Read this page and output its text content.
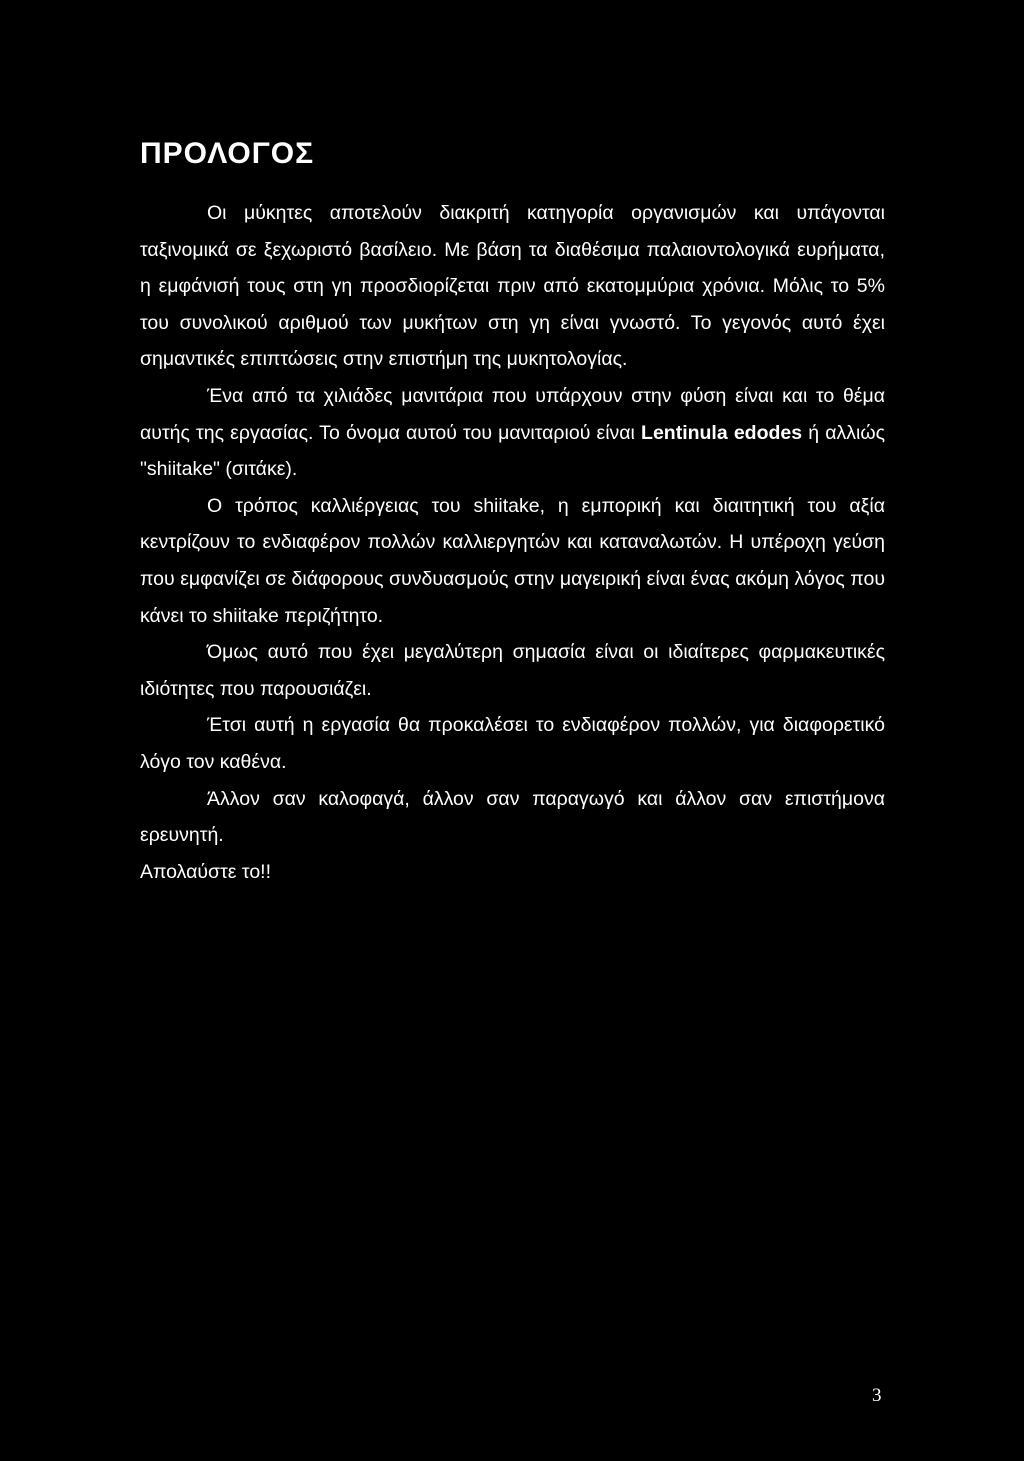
ΠΡΟΛΟΓΟΣ

Οι μύκητες αποτελούν διακριτή κατηγορία οργανισμών και υπάγονται ταξινομικά σε ξεχωριστό βασίλειο. Με βάση τα διαθέσιμα παλαιοντολογικά ευρήματα, η εμφάνισή τους στη γη προσδιορίζεται πριν από εκατομμύρια χρόνια. Μόλις το 5% του συνολικού αριθμού των μυκήτων στη γη είναι γνωστό. Το γεγονός αυτό έχει σημαντικές επιπτώσεις στην επιστήμη της μυκητολογίας.

Ένα από τα χιλιάδες μανιτάρια που υπάρχουν στην φύση είναι και το θέμα αυτής της εργασίας. Το όνομα αυτού του μανιταριού είναι Lentinula edodes ή αλλιώς "shiitake" (σιτάκε).

Ο τρόπος καλλιέργειας του shiitake, η εμπορική και διαιτητική του αξία κεντρίζουν το ενδιαφέρον πολλών καλλιεργητών και καταναλωτών. Η υπέροχη γεύση που εμφανίζει σε διάφορους συνδυασμούς στην μαγειρική είναι ένας ακόμη λόγος που κάνει το shiitake περιζήτητο.

Όμως αυτό που έχει μεγαλύτερη σημασία είναι οι ιδιαίτερες φαρμακευτικές ιδιότητες που παρουσιάζει.

Έτσι αυτή η εργασία θα προκαλέσει το ενδιαφέρον πολλών, για διαφορετικό λόγο τον καθένα.

Άλλον σαν καλοφαγά, άλλον σαν παραγωγό και άλλον σαν επιστήμονα ερευνητή.

Απολαύστε το!!

3
